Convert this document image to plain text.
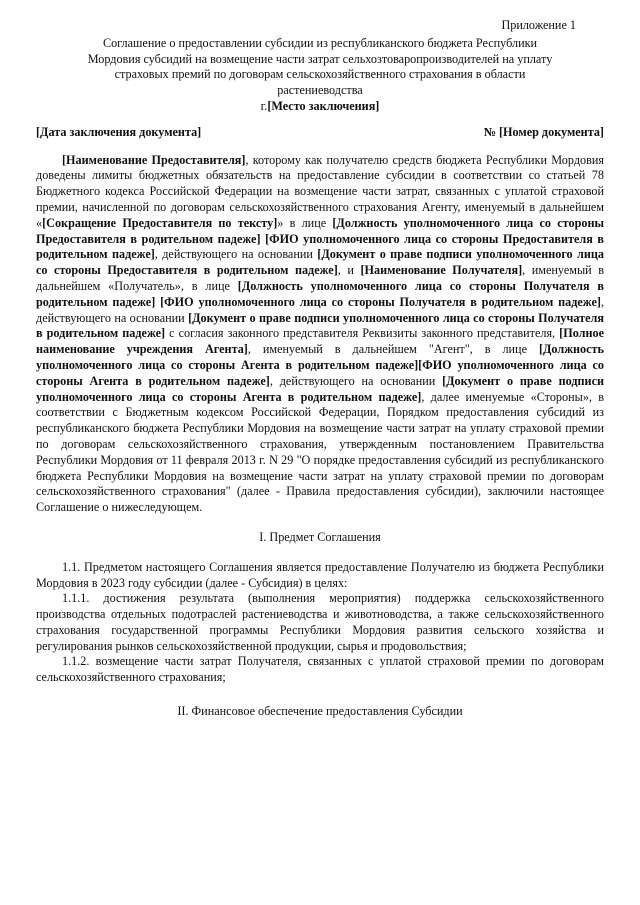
Приложение 1

Соглашение о предоставлении субсидии из республиканского бюджета Республики

Мордовия субсидий на возмещение части затрат сельхозтоваропроизводителей на уплату

страховых премий по договорам сельскохозяйственного страхования в области

растениеводства

г.[Место заключения]

[Дата заключения документа]	№ [Номер документа]

[Наименование Предоставителя], которому как получателю средств бюджета Республики Мордовия доведены лимиты бюджетных обязательств на предоставление субсидии в соответствии со статьей 78 Бюджетного кодекса Российской Федерации на возмещение части затрат, связанных с уплатой страховой премии, начисленной по договорам сельскохозяйственного страхования Агенту, именуемый в дальнейшем «[Сокращение Предоставителя по тексту]» в лице [Должность уполномоченного лица со стороны Предоставителя в родительном падеже] [ФИО уполномоченного лица со стороны Предоставителя в родительном падеже], действующего на основании [Документ о праве подписи уполномоченного лица со стороны Предоставителя в родительном падеже], и [Наименование Получателя], именуемый в дальнейшем «Получатель», в лице [Должность уполномоченного лица со стороны Получателя в родительном падеже] [ФИО уполномоченного лица со стороны Получателя в родительном падеже], действующего на основании [Документ о праве подписи уполномоченного лица со стороны Получателя в родительном падеже] с согласия законного представителя Реквизиты законного представителя, [Полное наименование учреждения Агента], именуемый в дальнейшем "Агент", в лице [Должность уполномоченного лица со стороны Агента в родительном падеже][ФИО уполномоченного лица со стороны Агента в родительном падеже], действующего на основании [Документ о праве подписи уполномоченного лица со стороны Агента в родительном падеже], далее именуемые «Стороны», в соответствии с Бюджетным кодексом Российской Федерации, Порядком предоставления субсидий из республиканского бюджета Республики Мордовия на возмещение части затрат на уплату страховой премии по договорам сельскохозяйственного страхования, утвержденным постановлением Правительства Республики Мордовия от 11 февраля 2013 г. N 29 "О порядке предоставления субсидий из республиканского бюджета Республики Мордовия на возмещение части затрат на уплату страховой премии по договорам сельскохозяйственного страхования" (далее - Правила предоставления субсидии), заключили настоящее Соглашение о нижеследующем.

I. Предмет Соглашения

1.1. Предметом настоящего Соглашения является предоставление Получателю из бюджета Республики Мордовия в 2023 году субсидии (далее - Субсидия) в целях:

1.1.1. достижения результата (выполнения мероприятия) поддержка сельскохозяйственного производства отдельных подотраслей растениеводства и животноводства, а также сельскохозяйственного страхования государственной программы Республики Мордовия развития сельского хозяйства и регулирования рынков сельскохозяйственной продукции, сырья и продовольствия;

1.1.2. возмещение части затрат Получателя, связанных с уплатой страховой премии по договорам сельскохозяйственного страхования;

II. Финансовое обеспечение предоставления Субсидии
